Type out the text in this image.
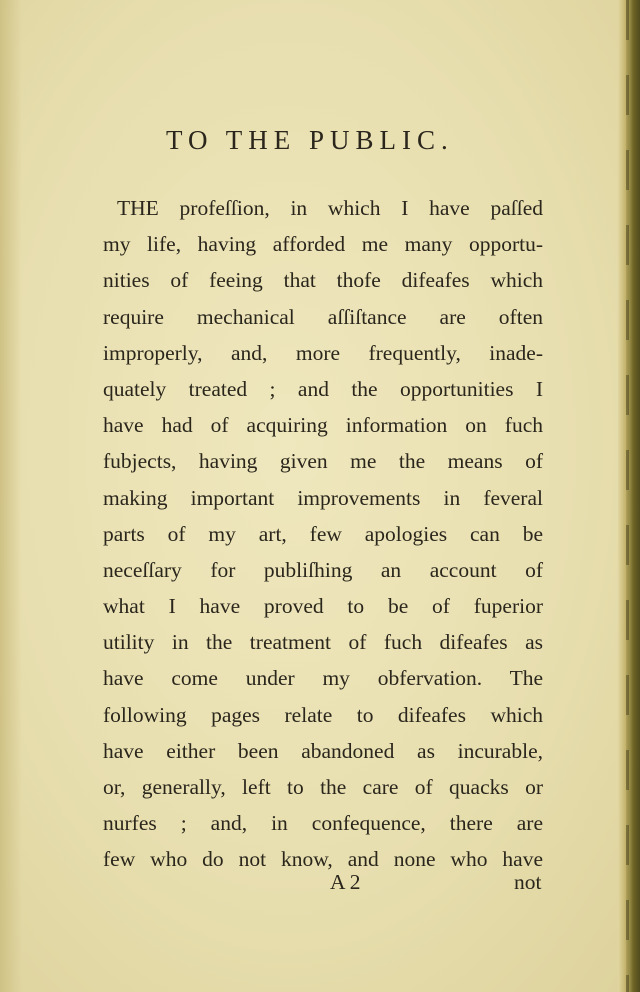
TO THE PUBLIC.
THE profeſſion, in which I have paſſed
my life, having afforded me many opportu-
nities of feeing that thofe difeafes which
require mechanical aſſiſtance are often
improperly, and, more frequently, inade-
quately treated ; and the opportunities I
have had of acquiring information on fuch
fubjects, having given me the means of
making important improvements in feveral
parts of my art, few apologies can be
neceſſary for publiſhing an account of
what I have proved to be of fuperior
utility in the treatment of fuch difeafes as
have come under my obfervation. The
following pages relate to difeafes which
have either been abandoned as incurable,
or, generally, left to the care of quacks or
nurfes ; and, in confequence, there are
few who do not know, and none who have
A 2	not
